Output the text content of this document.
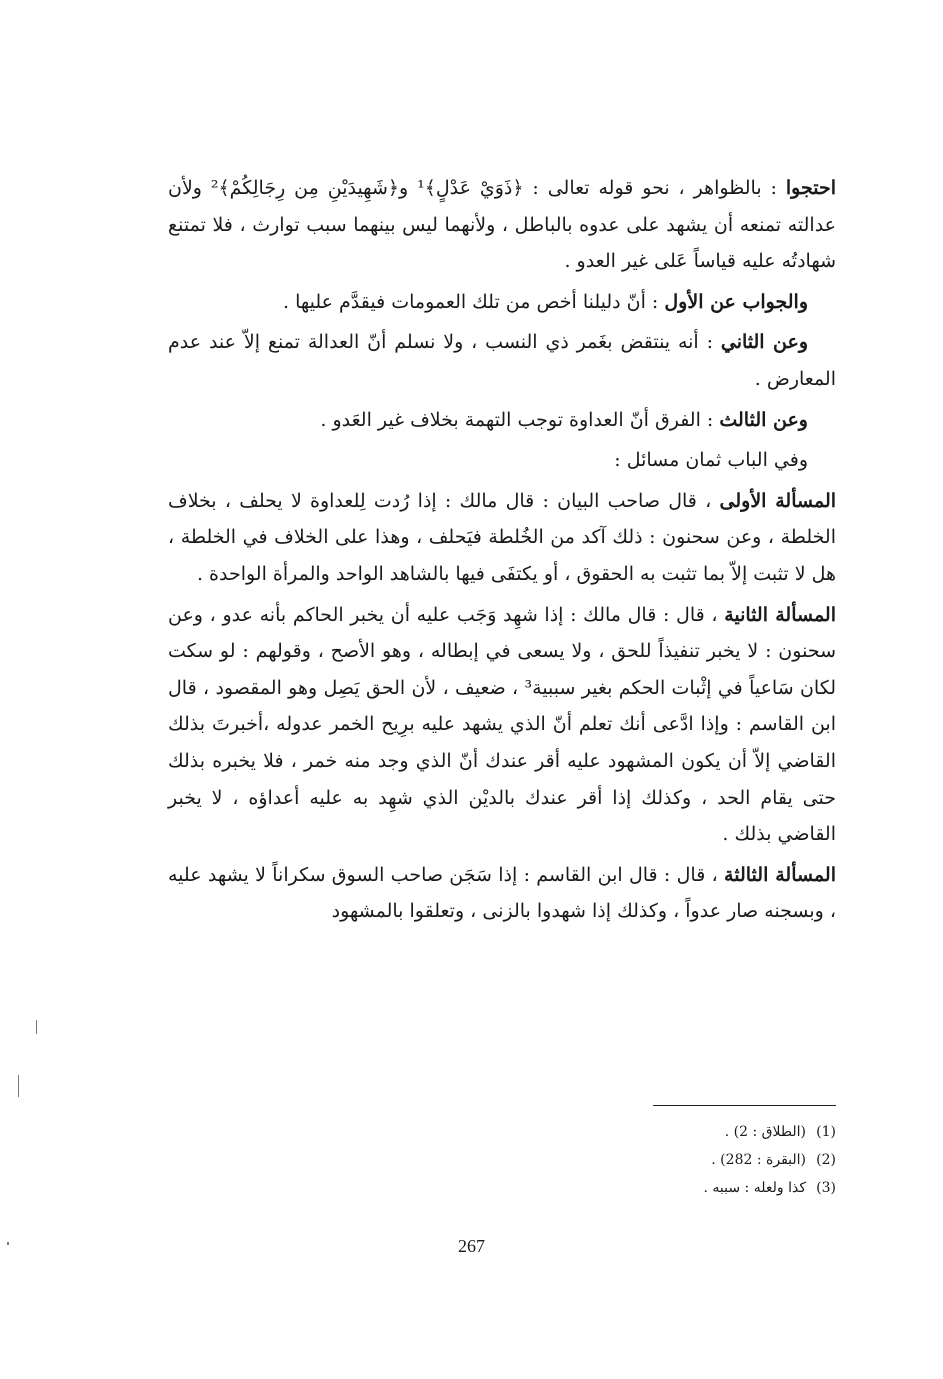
احتجوا : بالظواهر ، نحو قوله تعالى : ﴿ذَوَيْ عَدْلٍ﴾¹ و﴿شَهِيدَيْنِ مِن رِجَالِكُمْ﴾² ولأن عدالته تمنعه أن يشهد على عدوه بالباطل ، ولأنهما ليس بينهما سبب توارث ، فلا تمتنع شهادتُه عليه قياساً عَلى غير العدو .

والجواب عن الأول : أنّ دليلنا أخص من تلك العمومات فيقدَّم عليها .

وعن الثاني : أنه ينتقض بغَمر ذي النسب ، ولا نسلم أنّ العدالة تمنع إلاّ عند عدم المعارض .

وعن الثالث : الفرق أنّ العداوة توجب التهمة بخلاف غير العَدو .

وفي الباب ثمان مسائل :

المسألة الأولى ، قال صاحب البيان : قال مالك : إذا رُدت لِلعداوة لا يحلف ، بخلاف الخلطة ، وعن سحنون : ذلك آكد من الخُلطة فيَحلف ، وهذا على الخلاف في الخلطة ، هل لا تثبت إلاّ بما تثبت به الحقوق ، أو يكتفَى فيها بالشاهد الواحد والمرأة الواحدة .

المسألة الثانية ، قال : قال مالك : إذا شهِد وَجَب عليه أن يخبر الحاكم بأنه عدو ، وعن سحنون : لا يخبر تنفيذاً للحق ، ولا يسعى في إبطاله ، وهو الأصح ، وقولهم : لو سكت لكان سَاعياً في إثْبات الحكم بغير سببية³ ، ضعيف ، لأن الحق يَصِل وهو المقصود ، قال ابن القاسم : وإذا ادَّعى أنك تعلم أنّ الذي يشهد عليه برِيح الخمر عدوله ،أخبرتَ بذلك القاضي إلاّ أن يكون المشهود عليه أقر عندك أنّ الذي وجد منه خمر ، فلا يخبره بذلك حتى يقام الحد ، وكذلك إذا أقر عندك بالديْن الذي شهِد به عليه أعداؤه ، لا يخبر القاضي بذلك .

المسألة الثالثة ، قال : قال ابن القاسم : إذا سَجَن صاحب السوق سكراناً لا يشهد عليه ، وبسجنه صار عدواً ، وكذلك إذا شهدوا بالزنى ، وتعلقوا بالمشهود

(1)(الطلاق : 2) .
(2)(البقرة : 282) .
(3)كذا ولعله : سببه .
267
